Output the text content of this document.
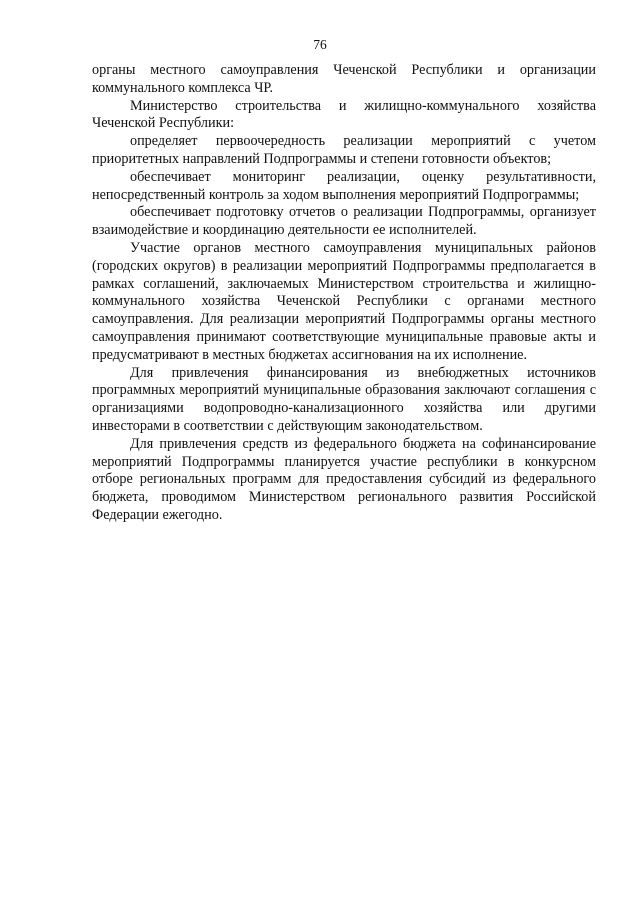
76

органы местного самоуправления Чеченской Республики и организации коммунального комплекса ЧР.

Министерство строительства и жилищно-коммунального хозяйства Чеченской Республики:

определяет первоочередность реализации мероприятий с учетом приоритетных направлений Подпрограммы и степени готовности объектов;

обеспечивает мониторинг реализации, оценку результативности, непосредственный контроль за ходом выполнения мероприятий Подпрограммы;

обеспечивает подготовку отчетов о реализации Подпрограммы, организует взаимодействие и координацию деятельности ее исполнителей.

Участие органов местного самоуправления муниципальных районов (городских округов) в реализации мероприятий Подпрограммы предполагается в рамках соглашений, заключаемых Министерством строительства и жилищно-коммунального хозяйства Чеченской Республики с органами местного самоуправления. Для реализации мероприятий Подпрограммы органы местного самоуправления принимают соответствующие муниципальные правовые акты и предусматривают в местных бюджетах ассигнования на их исполнение.

Для привлечения финансирования из внебюджетных источников программных мероприятий муниципальные образования заключают соглашения с организациями водопроводно-канализационного хозяйства или другими инвесторами в соответствии с действующим законодательством.

Для привлечения средств из федерального бюджета на софинансирование мероприятий Подпрограммы планируется участие республики в конкурсном отборе региональных программ для предоставления субсидий из федерального бюджета, проводимом Министерством регионального развития Российской Федерации ежегодно.
